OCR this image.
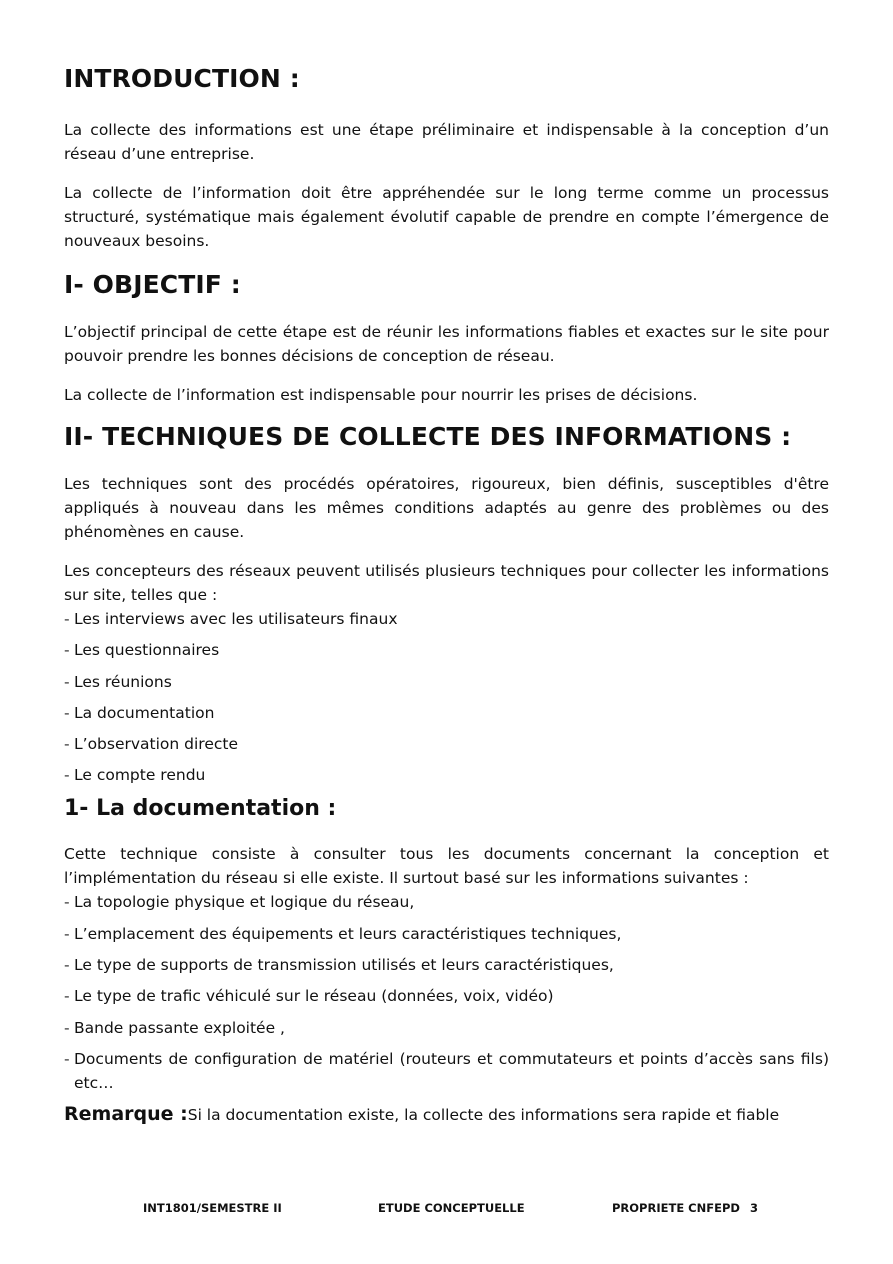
INTRODUCTION :

La collecte des informations est une étape préliminaire et indispensable à la conception d’un réseau d’une entreprise.

La collecte de l’information doit être appréhendée sur le long terme comme un processus structuré, systématique mais également évolutif capable de prendre en compte l’émergence de nouveaux besoins.

I- OBJECTIF :

L’objectif principal de cette étape est de réunir les informations fiables et exactes sur le site pour pouvoir prendre les bonnes décisions de conception de réseau.

La collecte de l’information est indispensable pour nourrir les prises de décisions.

II- TECHNIQUES DE COLLECTE DES INFORMATIONS :

Les techniques sont des procédés opératoires, rigoureux, bien définis, susceptibles d'être appliqués à nouveau dans les mêmes conditions adaptés au genre des problèmes ou des phénomènes en cause.

Les concepteurs des réseaux peuvent utilisés plusieurs techniques pour collecter les informations sur site, telles que :

- Les interviews avec les utilisateurs finaux
- Les questionnaires
- Les réunions
- La documentation
- L’observation directe
- Le compte rendu
1- La documentation :

Cette technique consiste à consulter tous les documents concernant la conception et l’implémentation du réseau si elle existe. Il surtout basé sur les informations suivantes :

- La topologie physique et logique du réseau,
- L’emplacement des équipements et leurs caractéristiques techniques,
- Le type de supports de transmission utilisés et leurs caractéristiques,
- Le type de trafic véhiculé sur le réseau (données, voix, vidéo)
- Bande passante exploitée ,
- Documents de configuration de matériel (routeurs et commutateurs et points d’accès sans fils) etc…
Remarque :Si la documentation existe, la collecte des informations sera rapide et fiable
INT1801/SEMESTRE II	ETUDE CONCEPTUELLE	PROPRIETE CNFEPD 3
